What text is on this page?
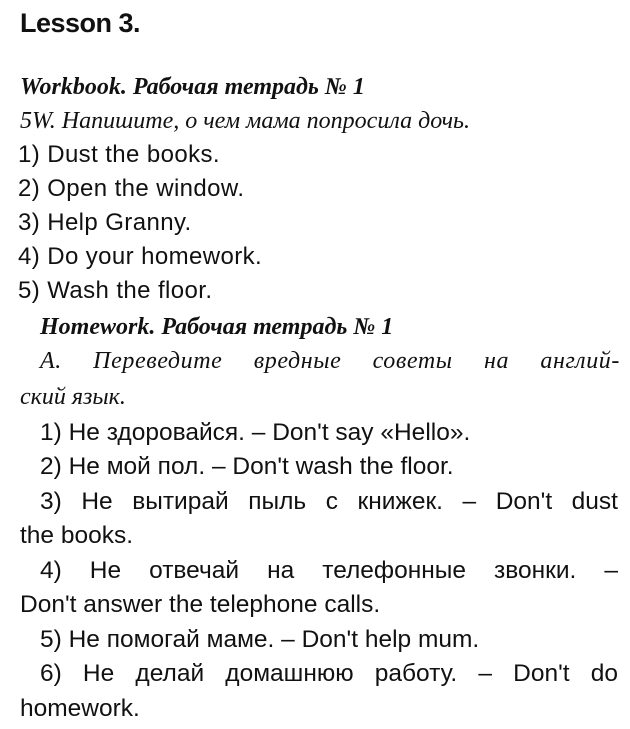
Lesson 3.
Workbook. Рабочая тетрадь № 1
5W. Напишите, о чем мама попросила дочь.
1) Dust the books.
2) Open the window.
3) Help Granny.
4) Do your homework.
5) Wash the floor.
Homework. Рабочая тетрадь № 1
А. Переведите вредные советы на англий-
ский язык.
1) Не здоровайся. – Don't say «Hello».
2) Не мой пол. – Don't wash the floor.
3) Не вытирай пыль с книжек. – Don't dust
the books.
4) Не отвечай на телефонные звонки. –
Don't answer the telephone calls.
5) Не помогай маме. – Don't help mum.
6) Не делай домашнюю работу. – Don't do
homework.
